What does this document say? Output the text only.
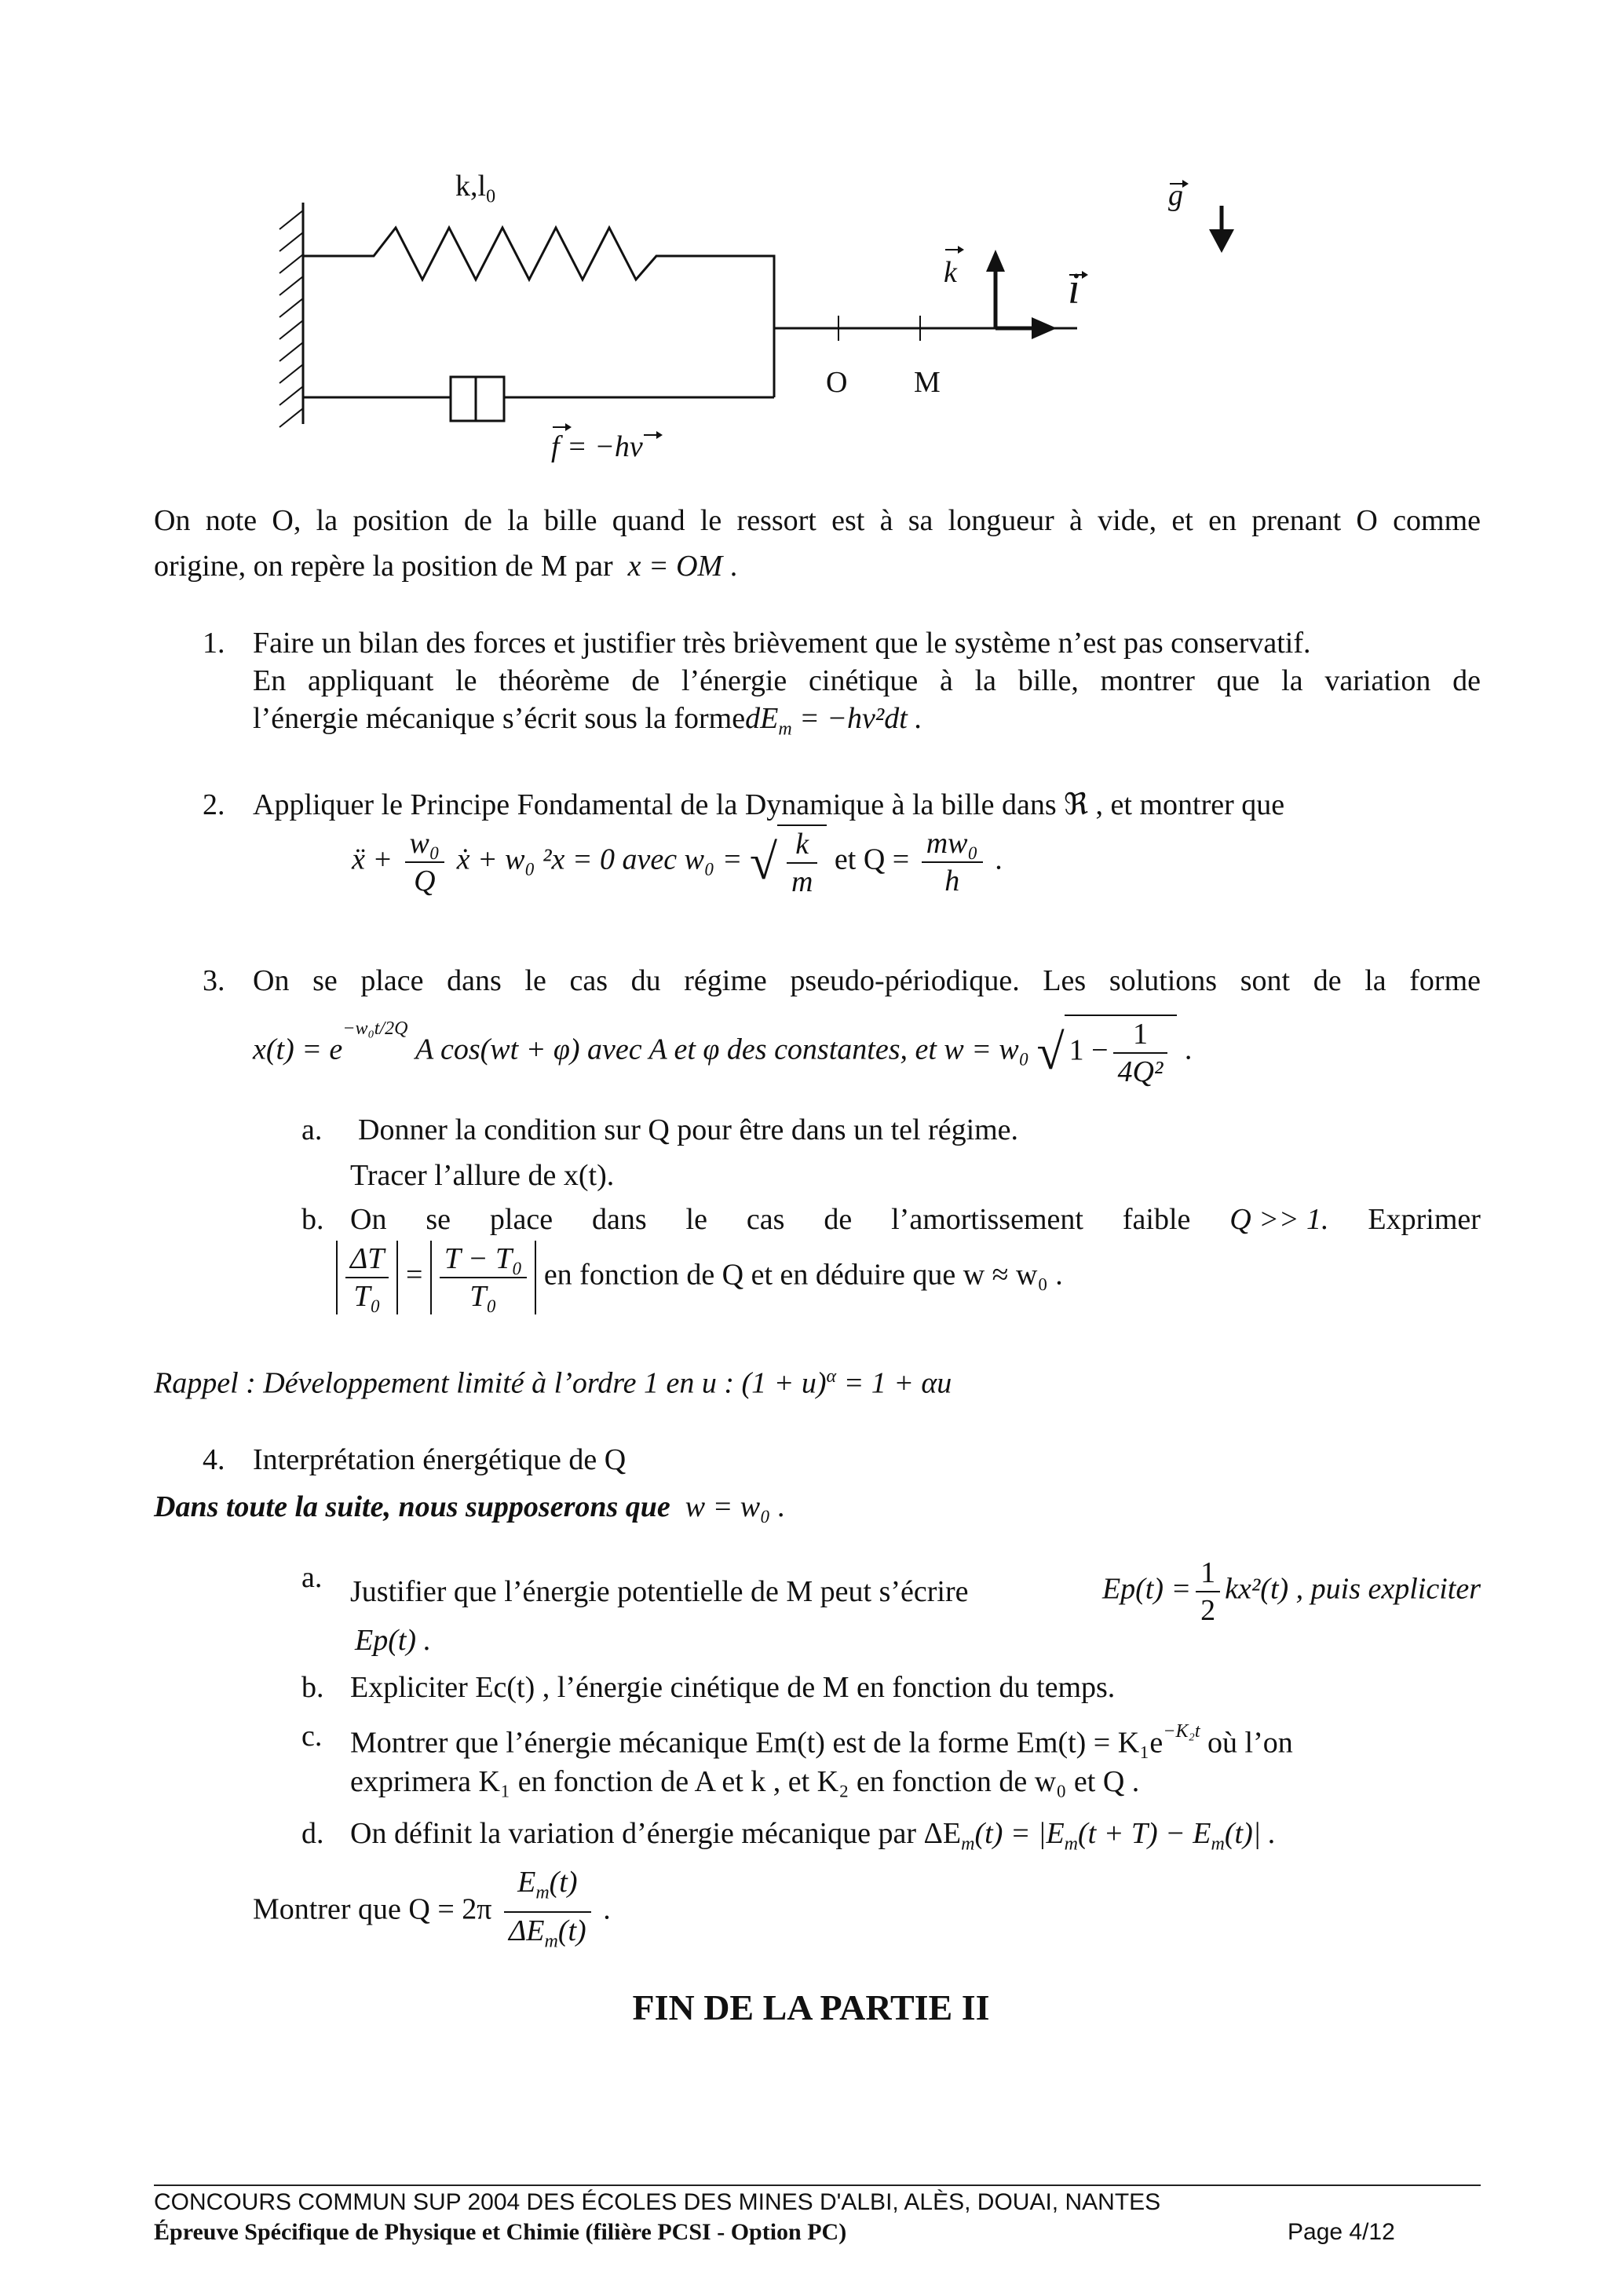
$k,l_0$	g
k	i
O M
f = −hv
On note O, la position de la bille quand le ressort est à sa longueur à vide, et en prenant O comme
origine, on repère la position de M par x = OM .
1. Faire un bilan des forces et justifier très brièvement que le système n’est pas conservatif.
En appliquant le théorème de l’énergie cinétique à la bille, montrer que la variation de
l’énergie mécanique s’écrit sous la formedE$_m$ = −hv²dt .
2. Appliquer le Principe Fondamental de la Dynamique à la bille dans ℜ , et montrer que
ẍ + $\frac{\text{w₀}}{Q}$ ẋ + w₀ ²x = 0 avec w₀ = √ $\frac{k}{m}$ et $Q = \frac{\text{mw₀}}{h}$ .
3. On se place dans le cas du régime pseudo-périodique. Les solutions sont de la forme
$x(t) = e^{-w_0t/2Q}$ A cos(wt + φ) avec A et φ des constantes, et w = w₀ √ $1 - \frac{1}{\text{4Q²}}$ .
a. Donner la condition sur Q pour être dans un tel régime.
Tracer l’allure de x(t).
b. On se place dans le cas de l’amortissement faible Q >> 1. Exprimer
$\frac{\Delta T}{\text{T₀}} = \frac{\text{T − T₀}}{\text{T₀}}$ en fonction de Q et en déduire que w ≈ w₀ .
Rappel : Développement limité à l’ordre 1 en u : $(1 + u)^\alpha = 1 + \alpha u$
4. Interprétation énergétique de Q
Dans toute la suite, nous supposerons que w = w₀ .
a. Justifier que l’énergie potentielle de M peut s’écrire	$Ep(t) = \frac{1}{2} kx^2(t)$ , puis expliciter
Ep(t) .
b. Expliciter Ec(t) , l’énergie cinétique de M en fonction du temps.
c. Montrer que l’énergie mécanique Em(t) est de la forme $Em(t) = K_1e^{-K_2t}$ où l’on
exprimera K₁ en fonction de A et k , et K₂ en fonction de w₀ et Q .
d. On définit la variation d’énergie mécanique par $\Delta E_m(t) = |E_m(t + T) - E_m(t)|$ .
Montrer que $Q = 2\pi \frac{E_m(t)}{\Delta E_m(t)}$ .
FIN DE LA PARTIE II
CONCOURS COMMUN SUP 2004 DES ÉCOLES DES MINES D'ALBI, ALÈS, DOUAI, NANTES
Épreuve Spécifique de Physique et Chimie (filière PCSI - Option PC)	Page 4/12
